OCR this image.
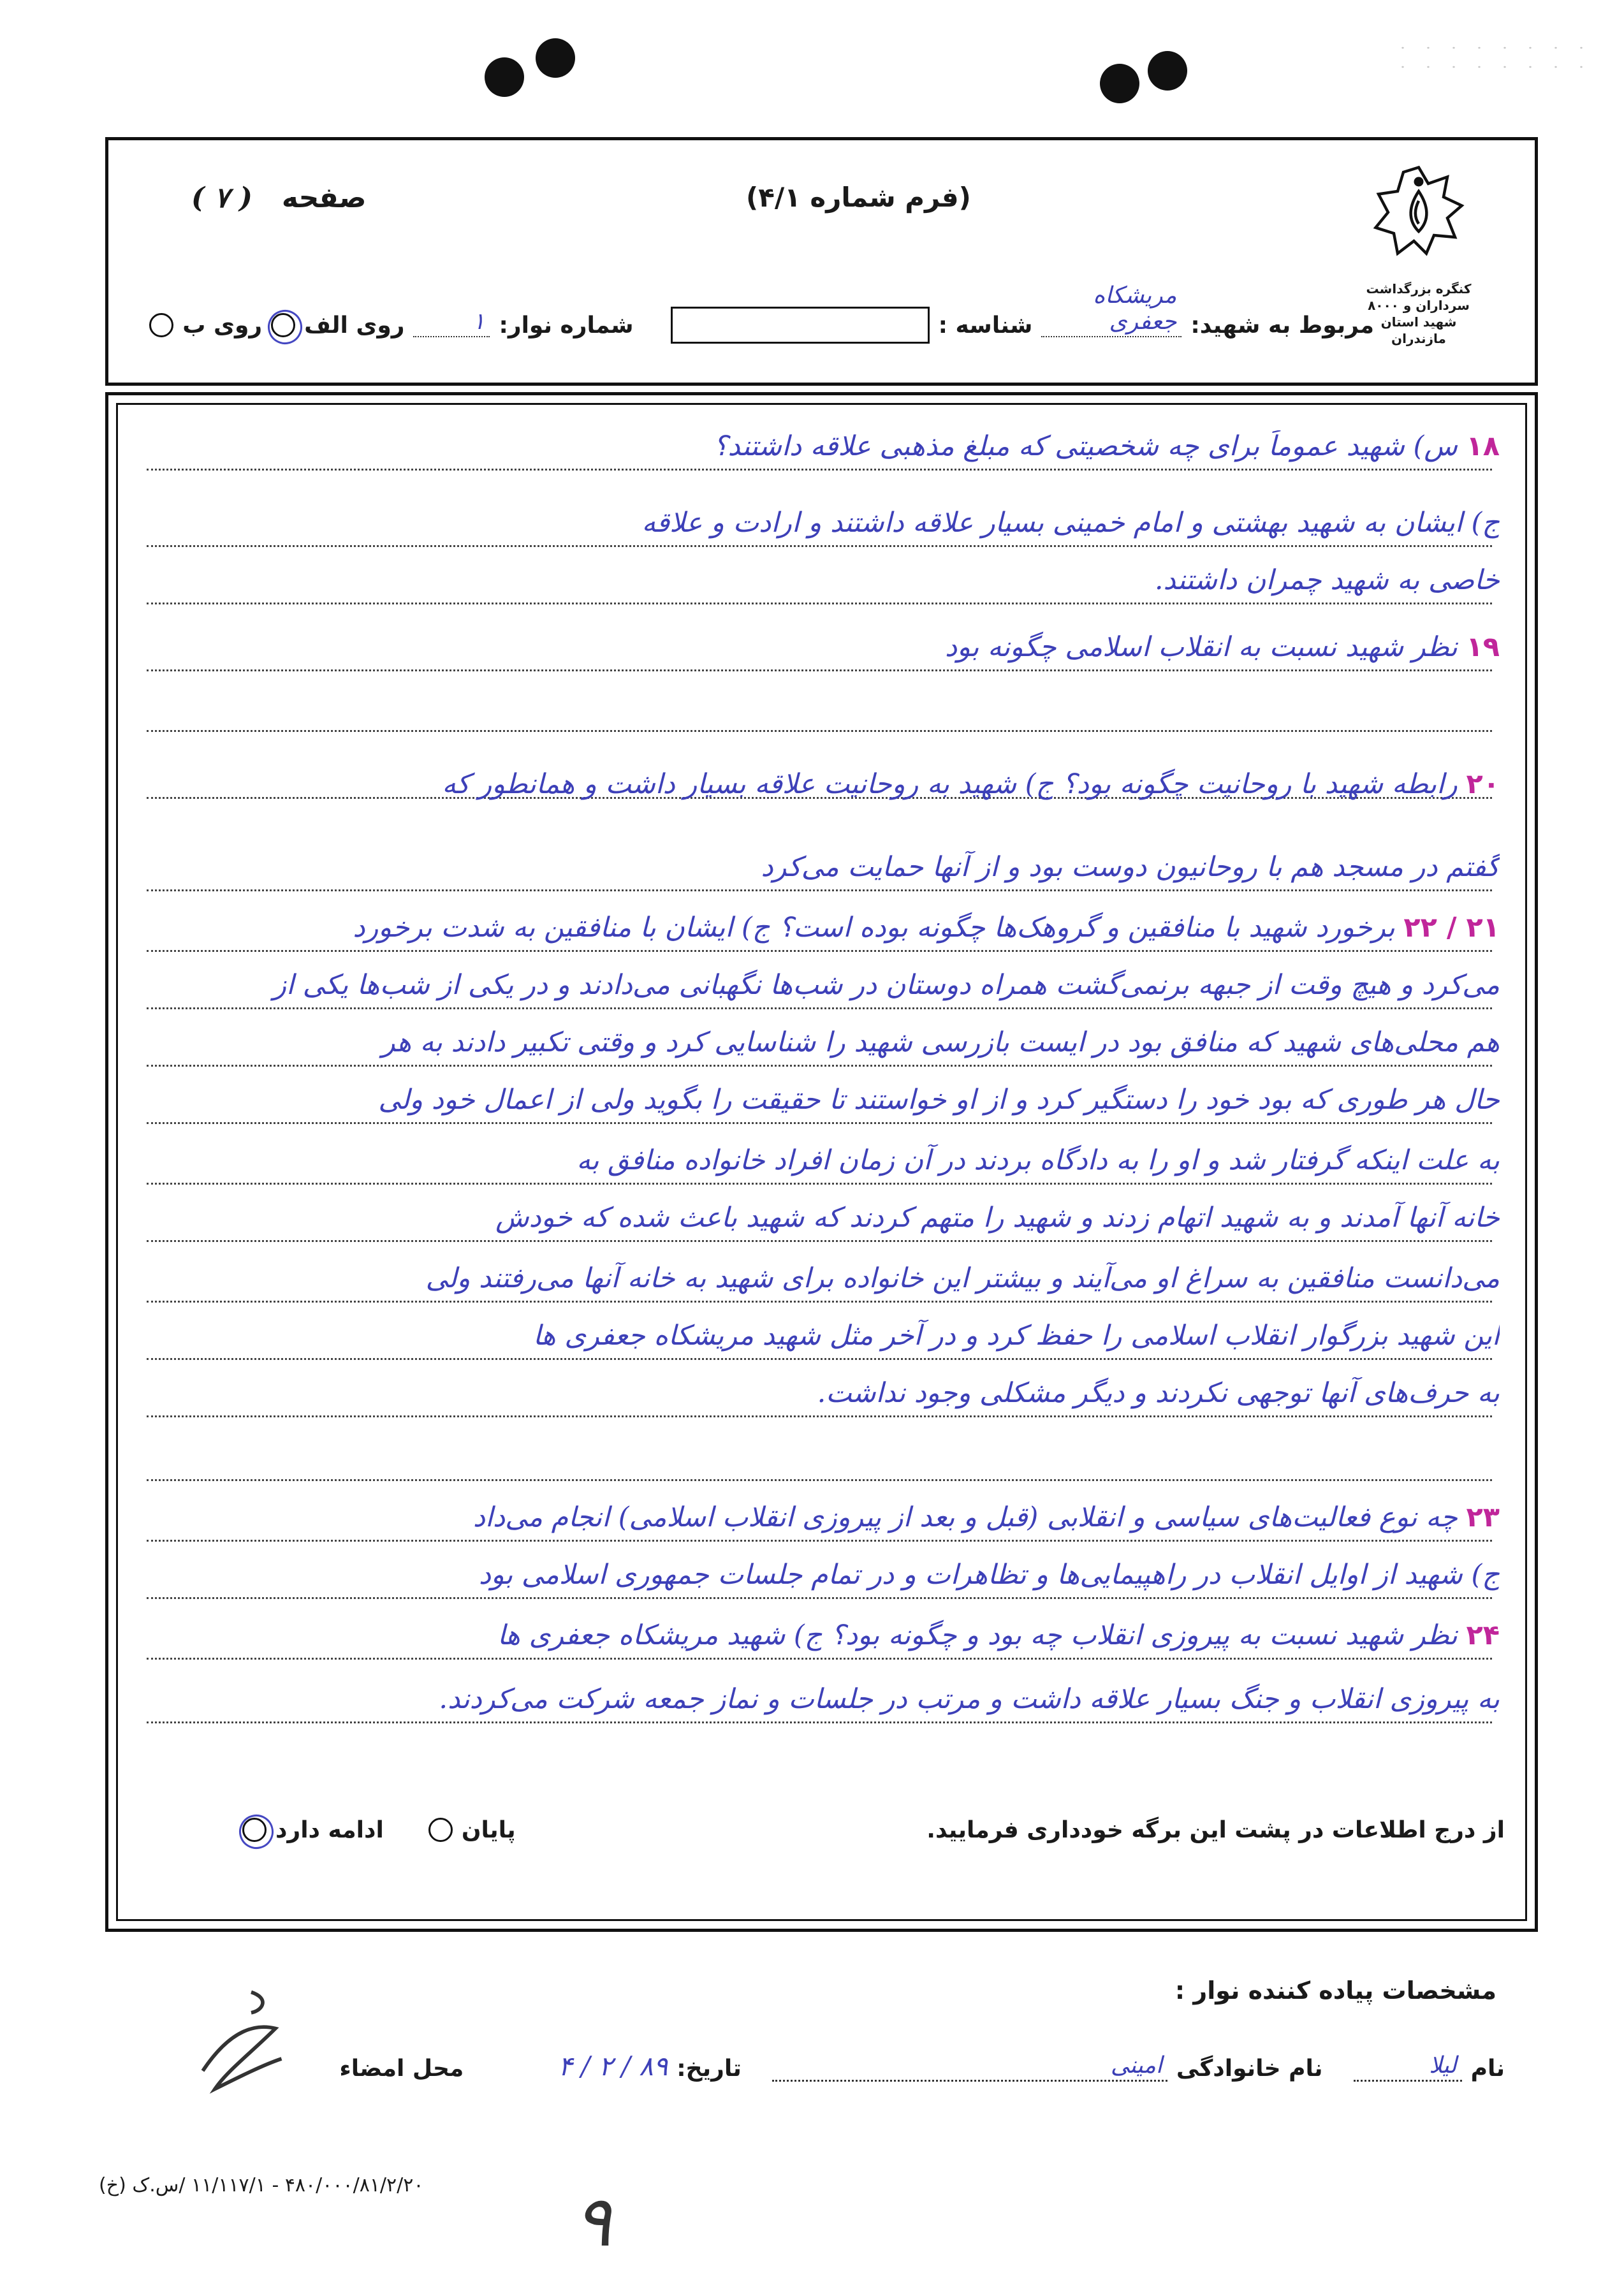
صفحه   ( ۷ )	(فرم شماره ۴/۱)
کنگره بزرگداشت سرداران و ۸۰۰۰ شهید استان مازندران
مربوط به شهید:
مریشکاه جعفری
شناسه :
شماره نوار:
۱
روی الف
روی ب
۱۸ س) شهید عموماً برای چه شخصیتی که مبلغ مذهبی علاقه داشتند؟
ج) ایشان به شهید بهشتی و امام خمینی بسیار علاقه داشتند و ارادت و علاقه
خاصی به شهید چمران داشتند.
۱۹ نظر شهید نسبت به انقلاب اسلامی چگونه بود
۲۰ رابطه شهید با روحانیت چگونه بود؟ ج) شهید به روحانیت علاقه بسیار داشت و همانطور که
گفتم در مسجد هم با روحانیون دوست بود و از آنها حمایت می‌کرد
۲۱ / ۲۲ برخورد شهید با منافقین و گروهک‌ها چگونه بوده است؟ ج) ایشان با منافقین به شدت برخورد
می‌کرد و هیچ وقت از جبهه برنمی‌گشت همراه دوستان در شب‌ها نگهبانی می‌دادند و در یکی از شب‌ها یکی از
هم محلی‌های شهید که منافق بود در ایست بازرسی شهید را شناسایی کرد و وقتی تکبیر دادند به هر
حال هر طوری که بود خود را دستگیر کرد و از او خواستند تا حقیقت را بگوید ولی از اعمال خود ولی
به علت اینکه گرفتار شد و او را به دادگاه بردند در آن زمان افراد خانواده منافق به
خانه آنها آمدند و به شهید اتهام زدند و شهید را متهم کردند که شهید باعث شده که خودش
می‌دانست منافقین به سراغ او می‌آیند و بیشتر این خانواده برای شهید به خانه آنها می‌رفتند ولی
این شهید بزرگوار انقلاب اسلامی را حفظ کرد و در آخر مثل شهید مریشکاه جعفری ها
به حرف‌های آنها توجهی نکردند و دیگر مشکلی وجود نداشت.
۲۳ چه نوع فعالیت‌های سیاسی و انقلابی (قبل و بعد از پیروزی انقلاب اسلامی) انجام می‌داد
ج) شهید از اوایل انقلاب در راهپیمایی‌ها و تظاهرات و در تمام جلسات جمهوری اسلامی بود
۲۴ نظر شهید نسبت به پیروزی انقلاب چه بود و چگونه بود؟ ج) شهید مریشکاه جعفری ها
به پیروزی انقلاب و جنگ بسیار علاقه داشت و مرتب در جلسات و نماز جمعه شرکت می‌کردند.
از درج اطلاعات در پشت این برگه خودداری فرمایید.
پایان
ادامه دارد
مشخصات پیاده کننده نوار :
نام
لیلا
نام خانوادگی
امینی
تاریخ:
۸۹ / ۲ / ۴
محل امضاء
(خ) ۴۸۰/۰۰۰/۸۱/۲/۲۰ - ۱۱/۱۱۷/۱ /س.ک ۹
